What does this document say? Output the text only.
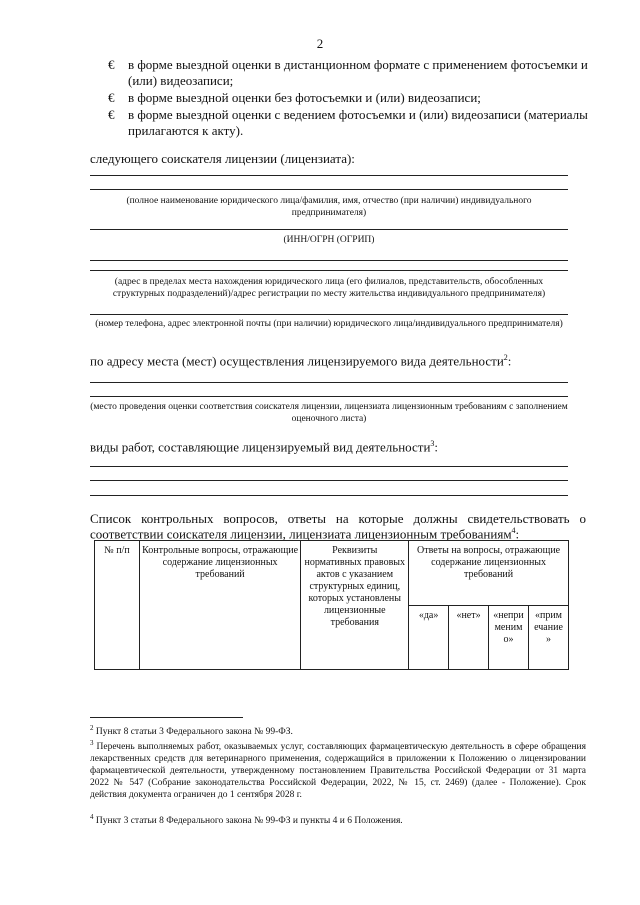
2
€	в форме выездной оценки в дистанционном формате с применением фотосъемки и (или) видеозаписи;
€	в форме выездной оценки без фотосъемки и (или) видеозаписи;
€	в форме выездной оценки с ведением фотосъемки и (или) видеозаписи (материалы прилагаются к акту).
следующего соискателя лицензии (лицензиата):
(полное наименование юридического лица/фамилия, имя, отчество (при наличии) индивидуального предпринимателя)
(ИНН/ОГРН (ОГРИП)
(адрес в пределах места нахождения юридического лица (его филиалов, представительств, обособленных структурных подразделений)/адрес регистрации по месту жительства индивидуального предпринимателя)
(номер телефона, адрес электронной почты (при наличии) юридического лица/индивидуального предпринимателя)
по адресу места (мест) осуществления лицензируемого вида деятельности$^2$:
(место проведения оценки соответствия соискателя лицензии, лицензиата лицензионным требованиям с заполнением оценочного листа)
виды работ, составляющие лицензируемый вид деятельности$^3$:
Список контрольных вопросов, ответы на которые должны свидетельствовать о
соответствии соискателя лицензии, лицензиата лицензионным требованиям$^4$:
№ п/п	Контрольные вопросы, отражающие содержание лицензионных требований	Реквизиты нормативных правовых актов с указанием структурных единиц, которых установлены лицензионные требования	Ответы на вопросы, отражающие содержание лицензионных требований			
			«да»	«нет»	«непри меним о»	«прим ечание »
$^2$ Пункт 8 статьи 3 Федерального закона № 99-ФЗ.
$^3$ Перечень выполняемых работ, оказываемых услуг, составляющих фармацевтическую деятельность в сфере обращения лекарственных средств для ветеринарного применения, содержащийся в приложении к Положению о лицензировании фармацевтической деятельности, утвержденному постановлением Правительства Российской Федерации от 31 марта 2022 № 547 (Собрание законодательства Российской Федерации, 2022, № 15, ст. 2469) (далее - Положение). Срок действия документа ограничен до 1 сентября 2028 г.
$^4$ Пункт 3 статьи 8 Федерального закона № 99-ФЗ и пункты 4 и 6 Положения.
